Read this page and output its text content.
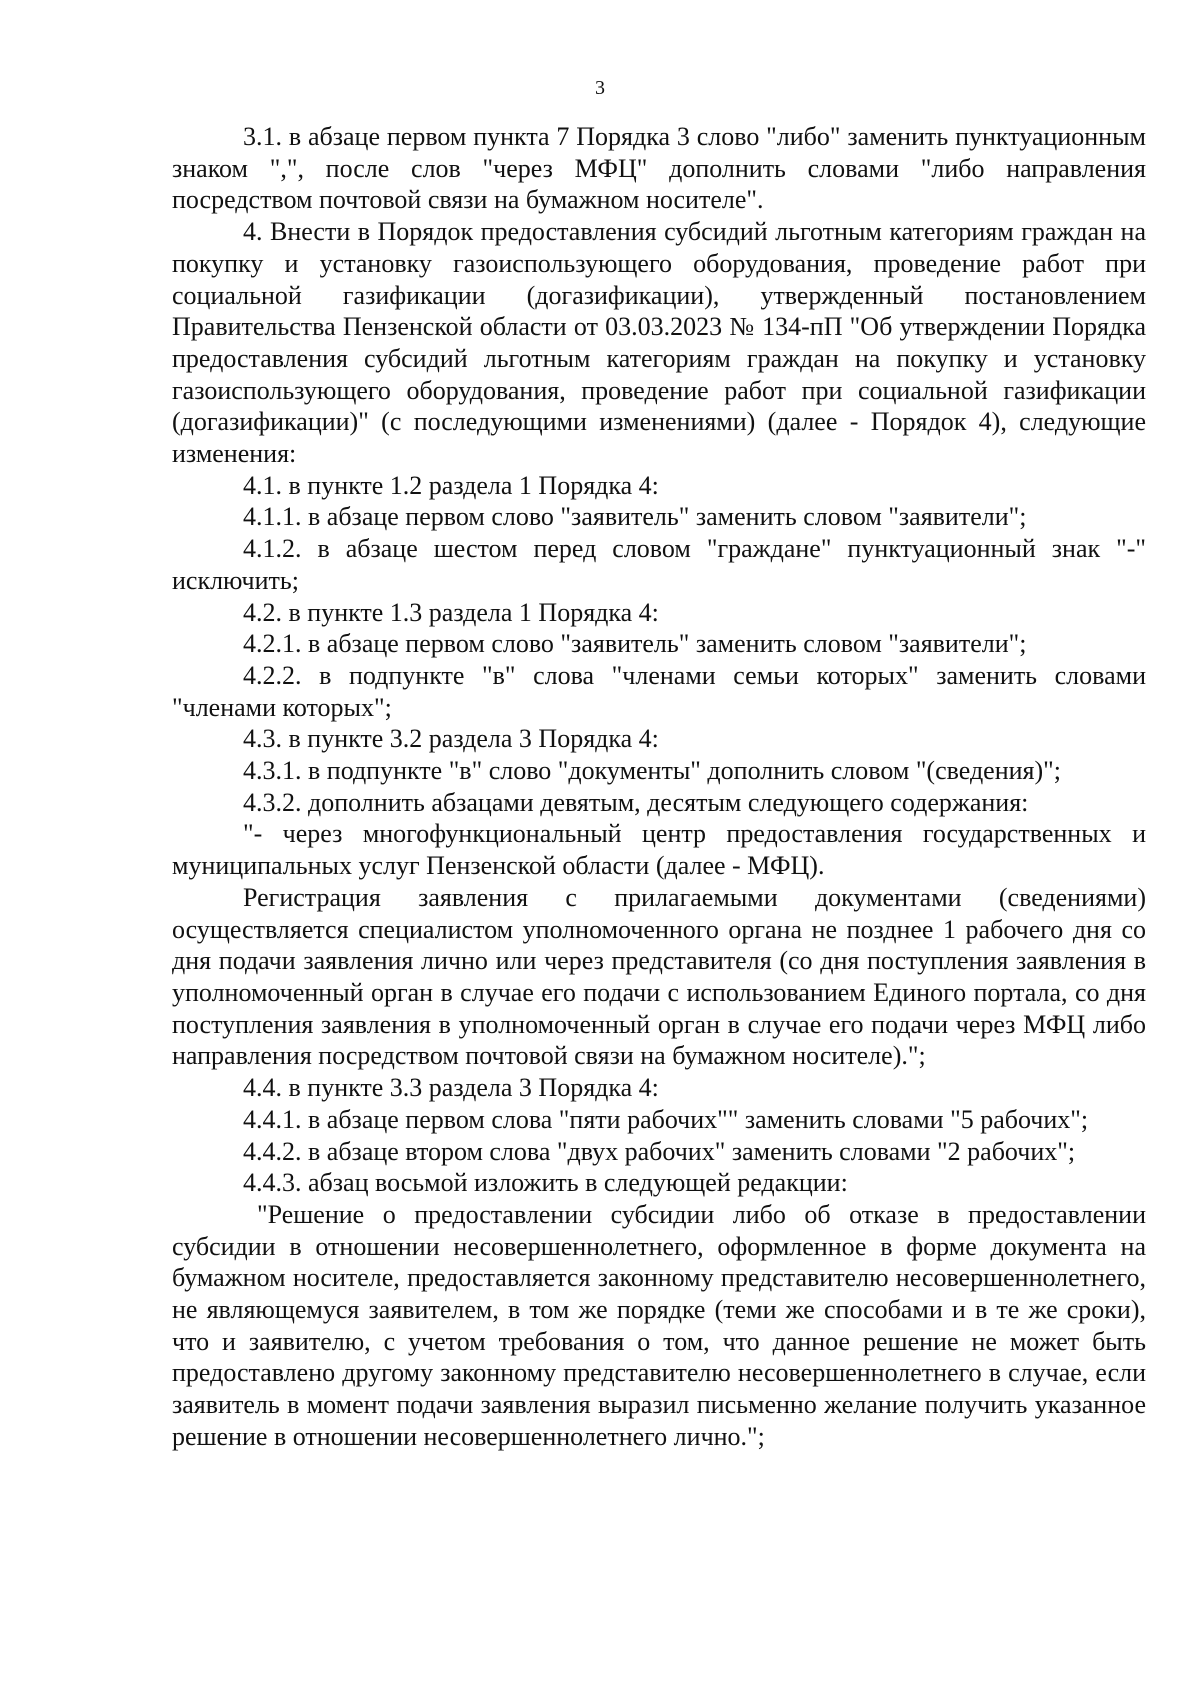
3

3.1. в абзаце первом пункта 7 Порядка 3 слово "либо" заменить пунктуационным знаком ",", после слов "через МФЦ" дополнить словами "либо направления посредством почтовой связи на бумажном носителе".

4. Внести в Порядок предоставления субсидий льготным категориям граждан на покупку и установку газоиспользующего оборудования, проведение работ при социальной газификации (догазификации), утвержденный постановлением Правительства Пензенской области от 03.03.2023 № 134-пП "Об утверждении Порядка предоставления субсидий льготным категориям граждан на покупку и установку газоиспользующего оборудования, проведение работ при социальной газификации (догазификации)" (с последующими изменениями) (далее - Порядок 4), следующие изменения:

4.1. в пункте 1.2 раздела 1 Порядка 4:

4.1.1. в абзаце первом слово "заявитель" заменить словом "заявители";

4.1.2. в абзаце шестом перед словом "граждане" пунктуационный знак "-" исключить;

4.2. в пункте 1.3 раздела 1 Порядка 4:

4.2.1. в абзаце первом слово "заявитель" заменить словом "заявители";

4.2.2. в подпункте "в" слова "членами семьи которых" заменить словами "членами которых";

4.3. в пункте 3.2 раздела 3 Порядка 4:

4.3.1. в подпункте "в" слово "документы" дополнить словом "(сведения)";

4.3.2. дополнить абзацами девятым, десятым следующего содержания:

"- через многофункциональный центр предоставления государственных и муниципальных услуг Пензенской области (далее - МФЦ).

Регистрация заявления с прилагаемыми документами (сведениями) осуществляется специалистом уполномоченного органа не позднее 1 рабочего дня со дня подачи заявления лично или через представителя (со дня поступления заявления в уполномоченный орган в случае его подачи с использованием Единого портала, со дня поступления заявления в уполномоченный орган в случае его подачи через МФЦ либо направления посредством почтовой связи на бумажном носителе).";

4.4. в пункте 3.3 раздела 3 Порядка 4:

4.4.1. в абзаце первом слова "пяти рабочих"" заменить словами "5 рабочих";

4.4.2. в абзаце втором слова "двух рабочих" заменить словами "2 рабочих";

4.4.3. абзац восьмой изложить в следующей редакции:

"Решение о предоставлении субсидии либо об отказе в предоставлении субсидии в отношении несовершеннолетнего, оформленное в форме документа на бумажном носителе, предоставляется законному представителю несовершеннолетнего, не являющемуся заявителем, в том же порядке (теми же способами и в те же сроки), что и заявителю, с учетом требования о том, что данное решение не может быть предоставлено другому законному представителю несовершеннолетнего в случае, если заявитель в момент подачи заявления выразил письменно желание получить указанное решение в отношении несовершеннолетнего лично.";
